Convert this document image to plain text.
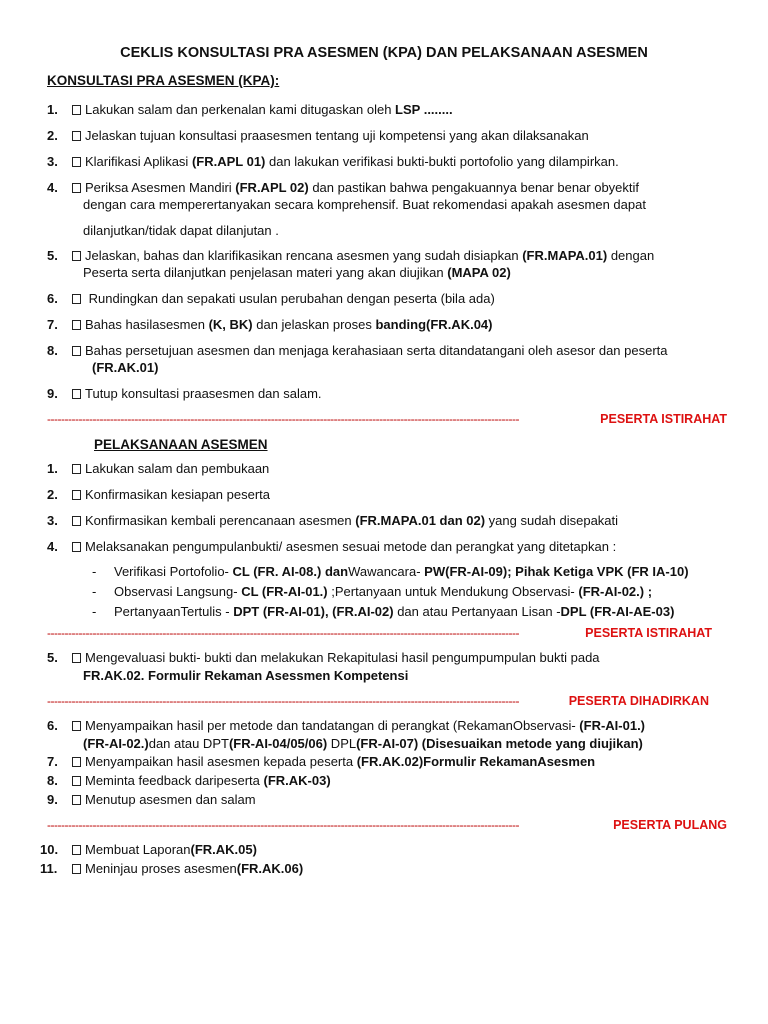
CEKLIS KONSULTASI PRA ASESMEN (KPA) DAN PELAKSANAAN ASESMEN
KONSULTASI PRA ASESMEN (KPA):
1.	Lakukan salam dan perkenalan kami ditugaskan oleh LSP ........
2.	Jelaskan tujuan konsultasi praasesmen tentang uji kompetensi yang akan dilaksanakan
3.	Klarifikasi Aplikasi (FR.APL 01) dan lakukan verifikasi bukti-bukti portofolio yang dilampirkan.
4.	Periksa Asesmen Mandiri (FR.APL 02) dan pastikan bahwa pengakuannya benar benar obyektif
dengan cara memperertanyakan secara komprehensif. Buat rekomendasi apakah asesmen dapat
dilanjutkan/tidak dapat dilanjutan .
5.	Jelaskan, bahas dan klarifikasikan rencana asesmen yang sudah disiapkan (FR.MAPA.01) dengan
Peserta serta dilanjutkan penjelasan materi yang akan diujikan (MAPA 02)
6.	Rundingkan dan sepakati usulan perubahan dengan peserta (bila ada)
7.	Bahas hasilasesmen (K, BK) dan jelaskan proses banding(FR.AK.04)
8.	Bahas persetujuan asesmen dan menjaga kerahasiaan serta ditandatangani oleh asesor dan peserta
(FR.AK.01)
9.	Tutup konsultasi praasesmen dan salam.
---------------------------------------------------------------------------------------------------------------------------------------	PESERTA ISTIRAHAT
PELAKSANAAN ASESMEN
1.	Lakukan salam dan pembukaan
2.	Konfirmasikan kesiapan peserta
3.	Konfirmasikan kembali perencanaan asesmen (FR.MAPA.01 dan 02) yang sudah disepakati
4.	Melaksanakan pengumpulanbukti/ asesmen sesuai metode dan perangkat yang ditetapkan :
- Verifikasi Portofolio- CL (FR. AI-08.) danWawancara- PW(FR-AI-09); Pihak Ketiga VPK (FR IA-10)
- Observasi Langsung- CL (FR-AI-01.) ;Pertanyaan untuk Mendukung Observasi- (FR-AI-02.) ;
- PertanyaanTertulis - DPT (FR-AI-01), (FR.AI-02) dan atau Pertanyaan Lisan -DPL (FR-AI-AE-03)
---------------------------------------------------------------------------------------------------------------------------------------	PESERTA ISTIRAHAT
5.	Mengevaluasi bukti- bukti dan melakukan Rekapitulasi hasil pengumpumpulan bukti pada
FR.AK.02. Formulir Rekaman Asessmen Kompetensi
---------------------------------------------------------------------------------------------------------------------------------------	PESERTA DIHADIRKAN
6.	Menyampaikan hasil per metode dan tandatangan di perangkat (RekamanObservasi- (FR-AI-01.)
(FR-AI-02.)dan atau DPT(FR-AI-04/05/06) DPL(FR-AI-07) (Disesuaikan metode yang diujikan)
7.	Menyampaikan hasil asesmen kepada peserta (FR.AK.02)Formulir RekamanAsesmen
8.	Meminta feedback daripeserta (FR.AK-03)
9.	Menutup asesmen dan salam
---------------------------------------------------------------------------------------------------------------------------------------	PESERTA PULANG
10.	Membuat Laporan(FR.AK.05)
11.	Meninjau proses asesmen(FR.AK.06)
